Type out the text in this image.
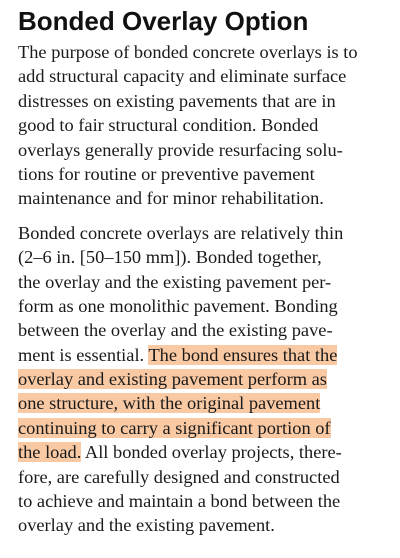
Bonded Overlay Option
The purpose of bonded concrete overlays is to
add structural capacity and eliminate surface
distresses on existing pavements that are in
good to fair structural condition. Bonded
overlays generally provide resurfacing solu-
tions for routine or preventive pavement
maintenance and for minor rehabilitation.
Bonded concrete overlays are relatively thin
(2–6 in. [50–150 mm]). Bonded together,
the overlay and the existing pavement per-
form as one monolithic pavement. Bonding
between the overlay and the existing pave-
ment is essential. The bond ensures that the
overlay and existing pavement perform as
one structure, with the original pavement
continuing to carry a significant portion of
the load. All bonded overlay projects, there-
fore, are carefully designed and constructed
to achieve and maintain a bond between the
overlay and the existing pavement.
